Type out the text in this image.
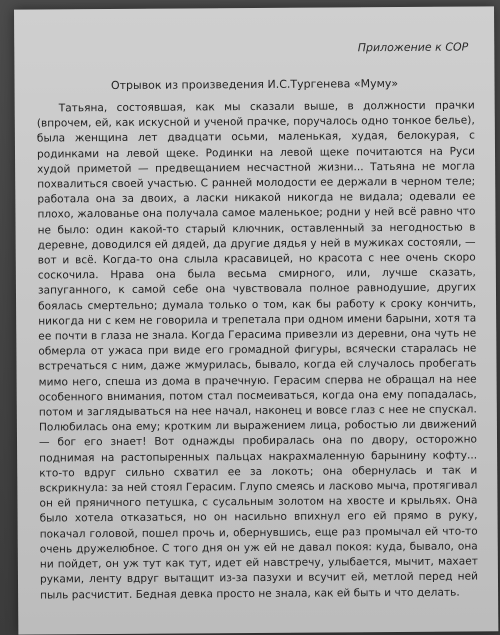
Приложение к СОР
Отрывок из произведения И.С.Тургенева «Муму»

Татьяна, состоявшая, как мы сказали выше, в должности прачки (впрочем, ей, как искусной и ученой прачке, поручалось одно тонкое белье), была женщина лет двадцати осьми, маленькая, худая, белокурая, с родинками на левой щеке. Родинки на левой щеке почитаются на Руси худой приметой — предвещанием несчастной жизни... Татьяна не могла похвалиться своей участью. С ранней молодости ее держали в черном теле; работала она за двоих, а ласки никакой никогда не видала; одевали ее плохо, жалованье она получала самое маленькое; родни у ней всё равно что не было: один какой-то старый ключник, оставленный за негодностью в деревне, доводился ей дядей, да другие дядья у ней в мужиках состояли, — вот и всё. Когда-то она слыла красавицей, но красота с нее очень скоро соскочила. Нрава она была весьма смирного, или, лучше сказать, запуганного, к самой себе она чувствовала полное равнодушие, других боялась смертельно; думала только о том, как бы работу к сроку кончить, никогда ни с кем не говорила и трепетала при одном имени барыни, хотя та ее почти в глаза не знала. Когда Герасима привезли из деревни, она чуть не обмерла от ужаса при виде его громадной фигуры, всячески старалась не встречаться с ним, даже жмурилась, бывало, когда ей случалось пробегать мимо него, спеша из дома в прачечную. Герасим сперва не обращал на нее особенного внимания, потом стал посмеиваться, когда она ему попадалась, потом и заглядываться на нее начал, наконец и вовсе глаз с нее не спускал. Полюбилась она ему; кротким ли выражением лица, робостью ли движений — бог его знает! Вот однажды пробиралась она по двору, осторожно поднимая на растопыренных пальцах накрахмаленную барынину кофту... кто-то вдруг сильно схватил ее за локоть; она обернулась и так и вскрикнула: за ней стоял Герасим. Глупо смеясь и ласково мыча, протягивал он ей пряничного петушка, с сусальным золотом на хвосте и крыльях. Она было хотела отказаться, но он насильно впихнул его ей прямо в руку, покачал головой, пошел прочь и, обернувшись, еще раз промычал ей что-то очень дружелюбное. С того дня он уж ей не давал покоя: куда, бывало, она ни пойдет, он уж тут как тут, идет ей навстречу, улыбается, мычит, махает руками, ленту вдруг вытащит из-за пазухи и всучит ей, метлой перед ней пыль расчистит. Бедная девка просто не знала, как ей быть и что делать.
